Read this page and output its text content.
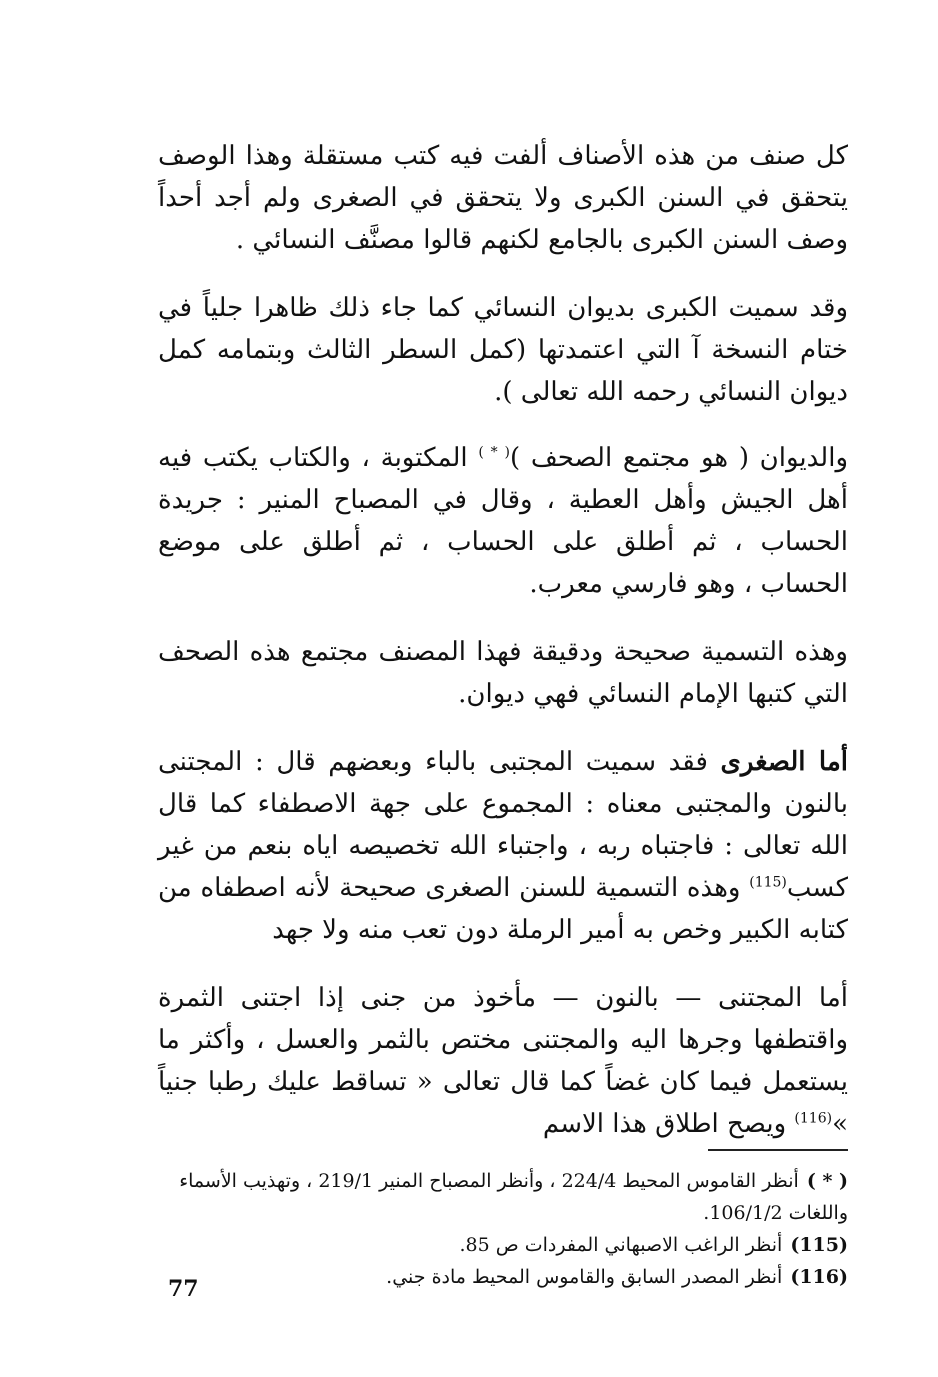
كل صنف من هذه الأصناف ألفت فيه كتب مستقلة وهذا الوصف يتحقق في السنن الكبرى ولا يتحقق في الصغرى ولم أجد أحداً وصف السنن الكبرى بالجامع لكنهم قالوا مصنَّف النسائي .

وقد سميت الكبرى بديوان النسائي كما جاء ذلك ظاهرا جلياً في ختام النسخة آ التي اعتمدتها (كمل السطر الثالث وبتمامه كمل ديوان النسائي رحمه الله تعالى ).

والديوان ( هو مجتمع الصحف )( * ) المكتوبة ، والكتاب يكتب فيه أهل الجيش وأهل العطية ، وقال في المصباح المنير : جريدة الحساب ، ثم أطلق على الحساب ، ثم أطلق على موضع الحساب ، وهو فارسي معرب.

وهذه التسمية صحيحة ودقيقة فهذا المصنف مجتمع هذه الصحف التي كتبها الإمام النسائي فهي ديوان.

أما الصغرى فقد سميت المجتبى بالباء وبعضهم قال : المجتنى بالنون والمجتبى معناه : المجموع على جهة الاصطفاء كما قال الله تعالى : فاجتباه ربه ، واجتباء الله تخصيصه اياه بنعم من غير كسب$^{(115)}$ وهذه التسمية للسنن الصغرى صحيحة لأنه اصطفاه من كتابه الكبير وخص به أمير الرملة دون تعب منه ولا جهد

أما المجتنى — بالنون — مأخوذ من جنى إذا اجتنى الثمرة واقتطفها وجرها اليه والمجتنى مختص بالثمر والعسل ، وأكثر ما يستعمل فيما كان غضاً كما قال تعالى « تساقط عليك رطبا جنياً »$^{(116)}$ ويصح اطلاق هذا الاسم

( * )أنظر القاموس المحيط 224/4 ، وأنظر المصباح المنير 219/1 ، وتهذيب الأسماء واللغات 106/1/2.

(115)أنظر الراغب الاصبهاني المفردات ص 85.

(116)أنظر المصدر السابق والقاموس المحيط مادة جني.

77
